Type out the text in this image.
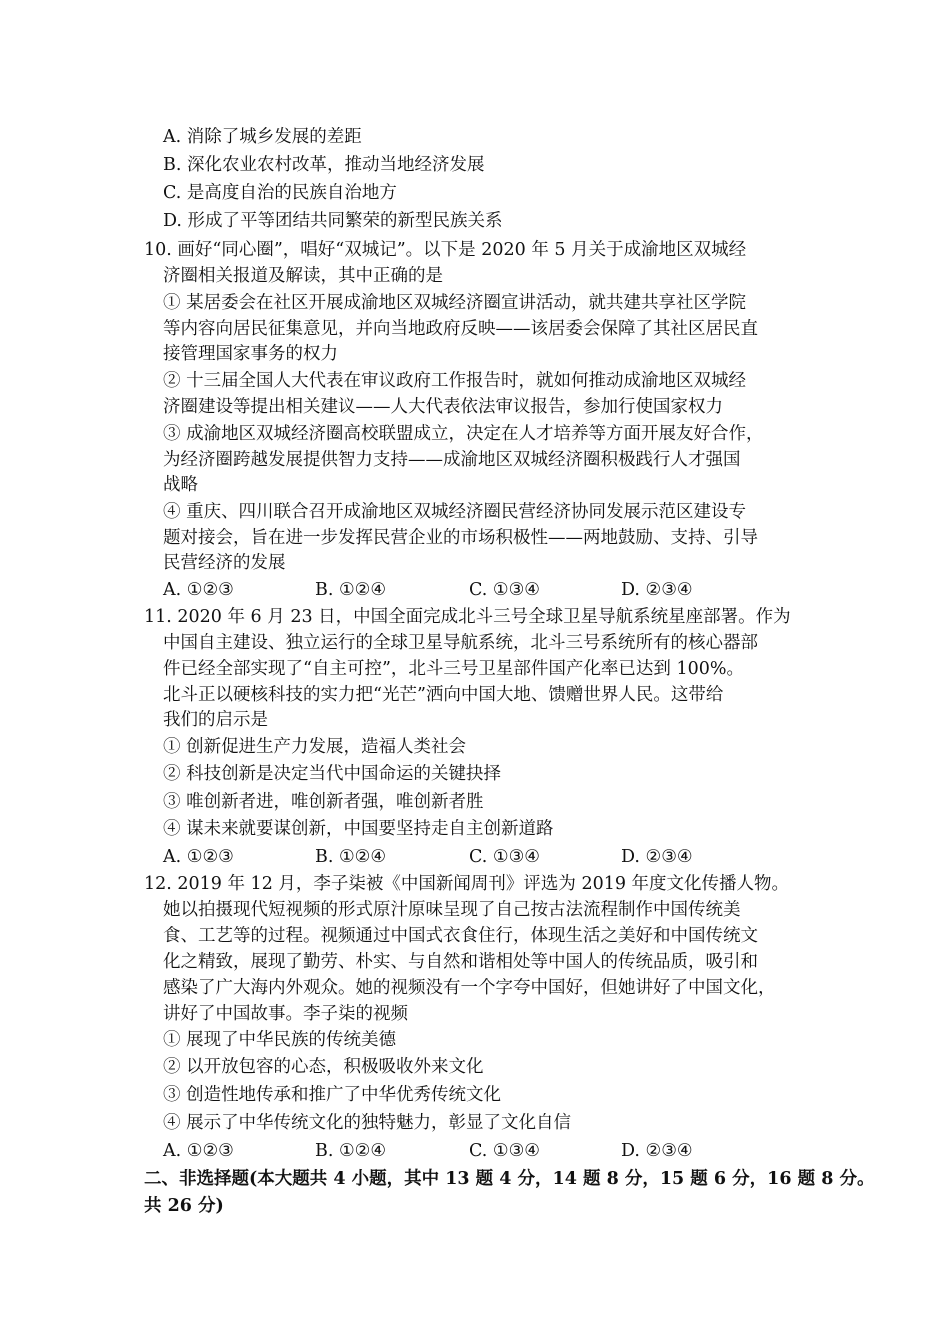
A. 消除了城乡发展的差距
B. 深化农业农村改革，推动当地经济发展
C. 是高度自治的民族自治地方
D. 形成了平等团结共同繁荣的新型民族关系
10. 画好“同心圈”，唱好“双城记”。以下是 2020 年 5 月关于成渝地区双城经
济圈相关报道及解读，其中正确的是
① 某居委会在社区开展成渝地区双城经济圈宣讲活动，就共建共享社区学院
等内容向居民征集意见，并向当地政府反映——该居委会保障了其社区居民直
接管理国家事务的权力
② 十三届全国人大代表在审议政府工作报告时，就如何推动成渝地区双城经
济圈建设等提出相关建议——人大代表依法审议报告，参加行使国家权力
③ 成渝地区双城经济圈高校联盟成立，决定在人才培养等方面开展友好合作，
为经济圈跨越发展提供智力支持——成渝地区双城经济圈积极践行人才强国
战略
④ 重庆、四川联合召开成渝地区双城经济圈民营经济协同发展示范区建设专
题对接会，旨在进一步发挥民营企业的市场积极性——两地鼓励、支持、引导
民营经济的发展
A. ①②③	B. ①②④	C. ①③④	D. ②③④
11. 2020 年 6 月 23 日，中国全面完成北斗三号全球卫星导航系统星座部署。作为
中国自主建设、独立运行的全球卫星导航系统，北斗三号系统所有的核心器部
件已经全部实现了“自主可控”，北斗三号卫星部件国产化率已达到 100%。
北斗正以硬核科技的实力把“光芒”洒向中国大地、馈赠世界人民。这带给
我们的启示是
① 创新促进生产力发展，造福人类社会
② 科技创新是决定当代中国命运的关键抉择
③ 唯创新者进，唯创新者强，唯创新者胜
④ 谋未来就要谋创新，中国要坚持走自主创新道路
A. ①②③	B. ①②④	C. ①③④	D. ②③④
12. 2019 年 12 月，李子柒被《中国新闻周刊》评选为 2019 年度文化传播人物。
她以拍摄现代短视频的形式原汁原味呈现了自己按古法流程制作中国传统美
食、工艺等的过程。视频通过中国式衣食住行，体现生活之美好和中国传统文
化之精致，展现了勤劳、朴实、与自然和谐相处等中国人的传统品质，吸引和
感染了广大海内外观众。她的视频没有一个字夸中国好，但她讲好了中国文化，
讲好了中国故事。李子柒的视频
① 展现了中华民族的传统美德
② 以开放包容的心态，积极吸收外来文化
③ 创造性地传承和推广了中华优秀传统文化
④ 展示了中华传统文化的独特魅力，彰显了文化自信
A. ①②③	B. ①②④	C. ①③④	D. ②③④
二、非选择题(本大题共 4 小题，其中 13 题 4 分，14 题 8 分，15 题 6 分，16 题 8 分。
共 26 分)
